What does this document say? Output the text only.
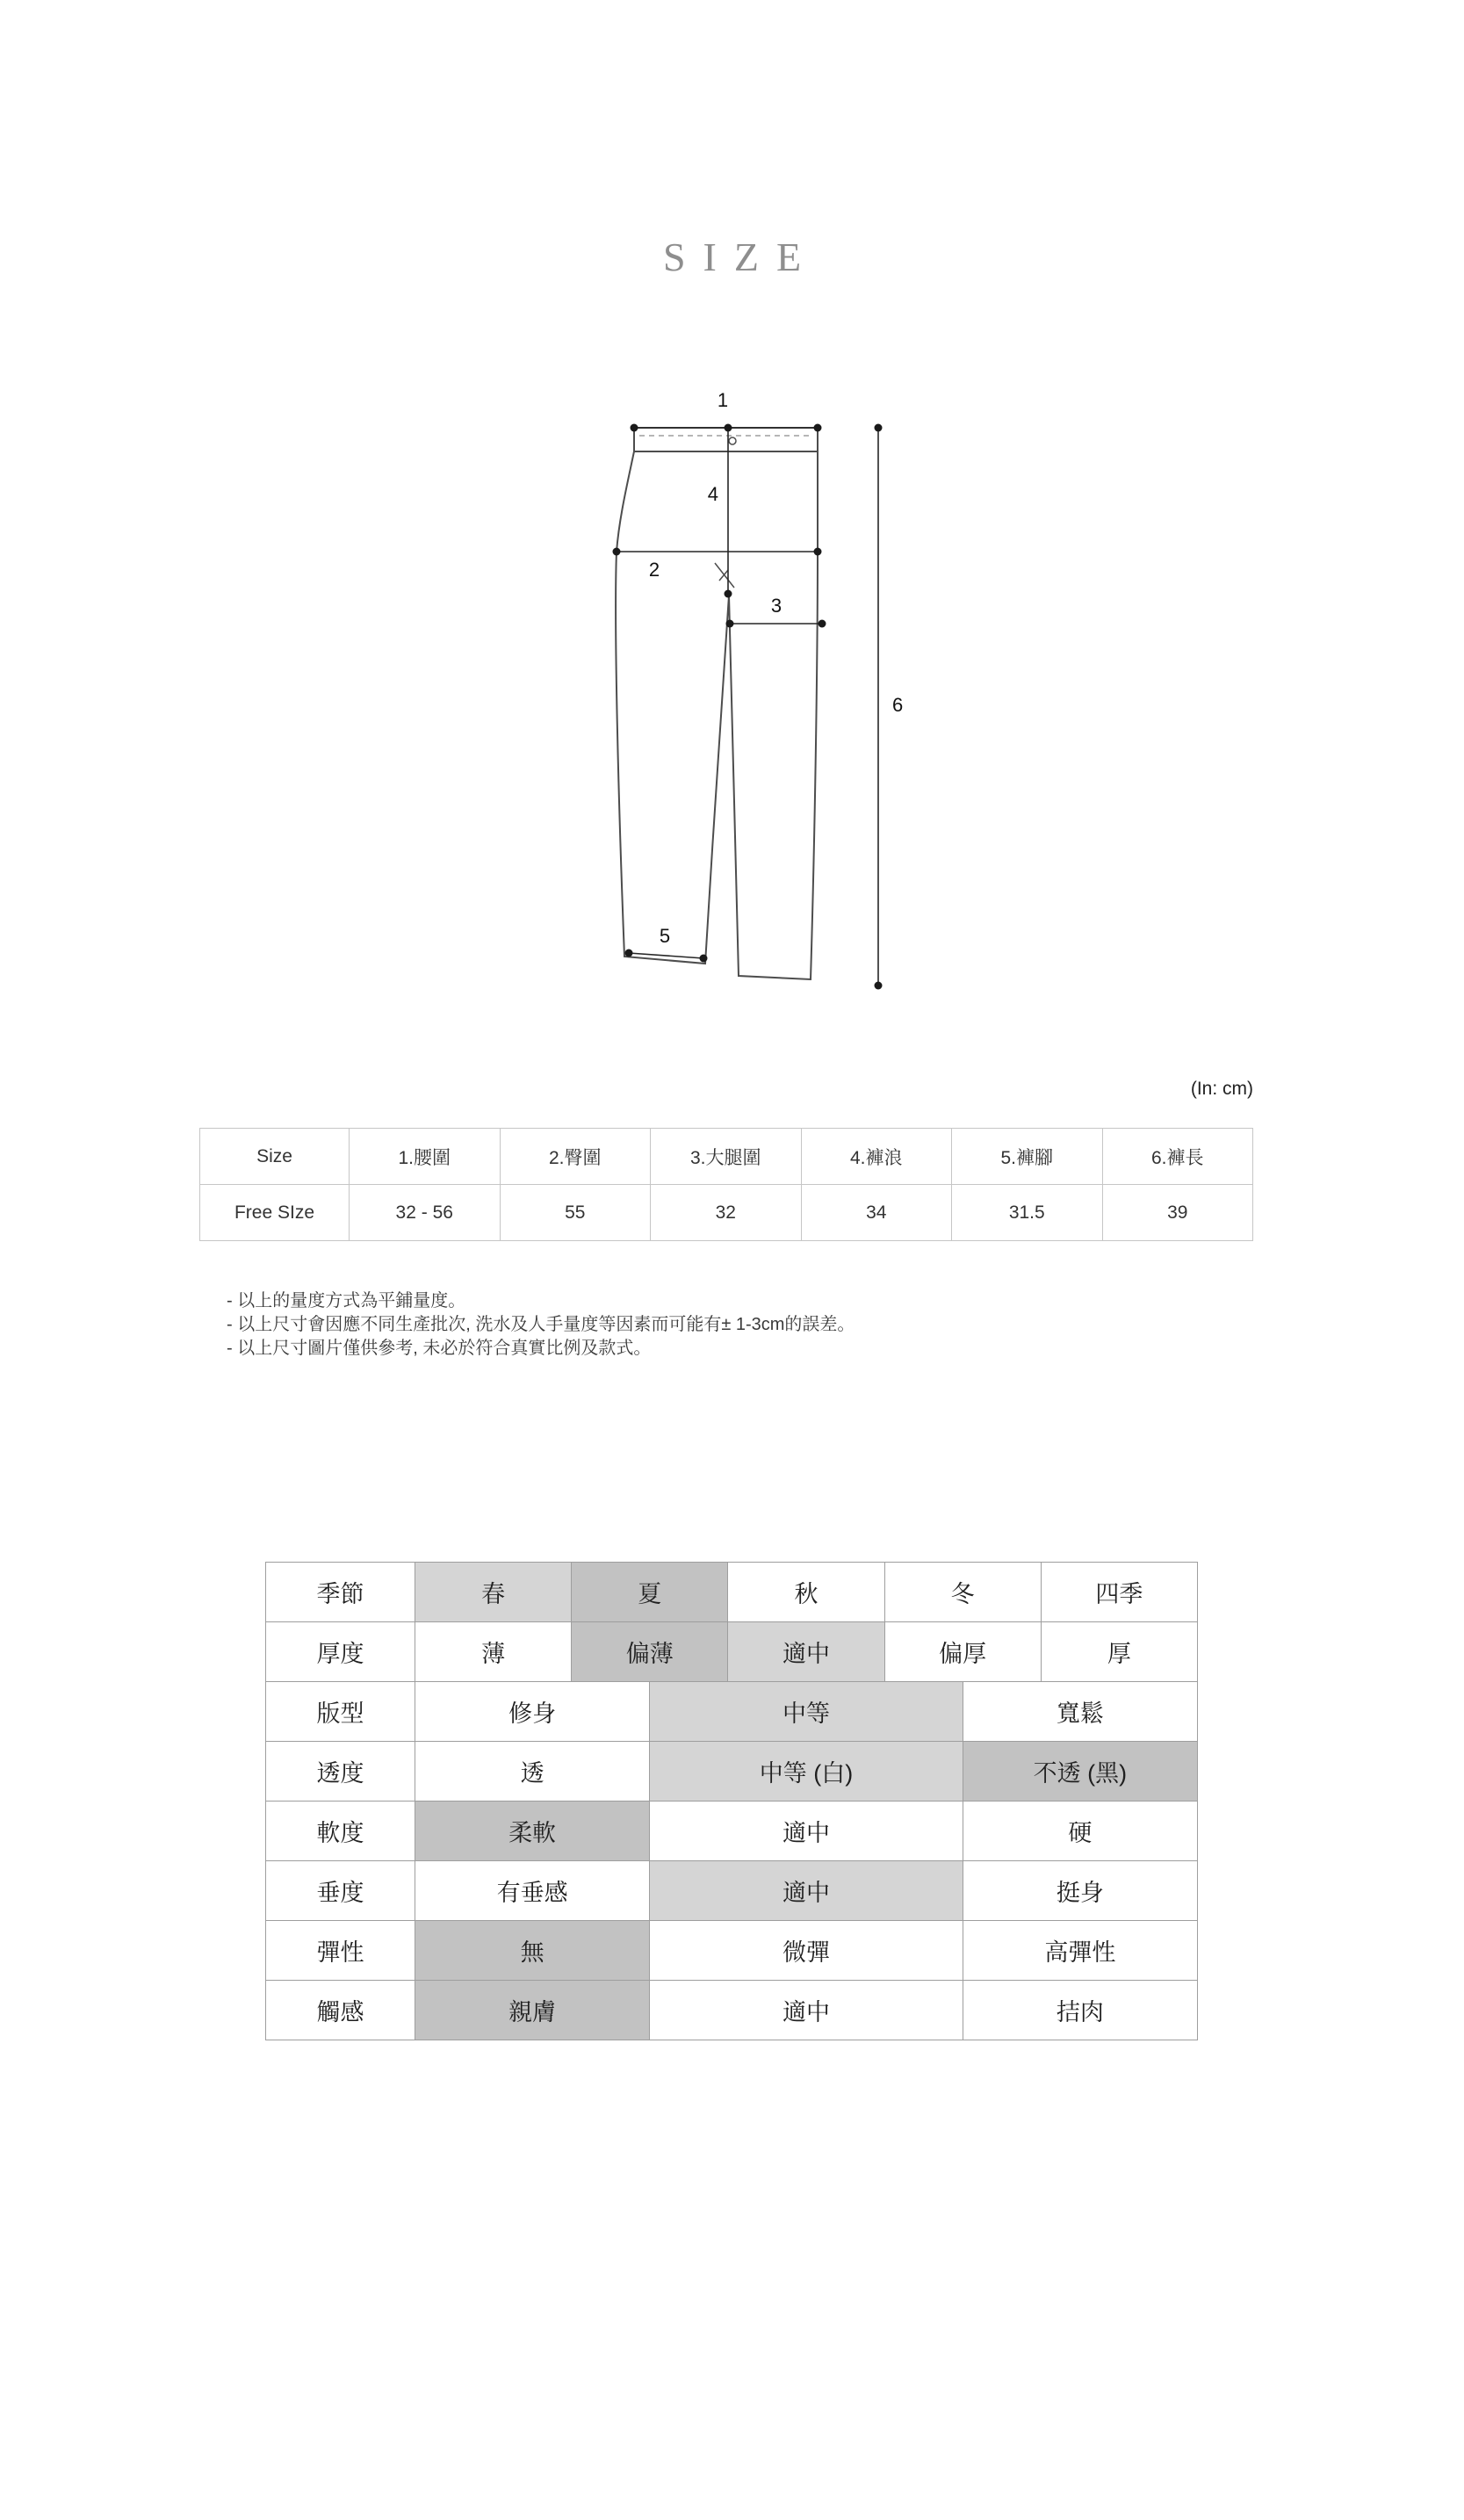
SIZE
1
2
3
4
5
6
(In: cm)
Size	1.腰圍	2.臀圍	3.大腿圍	4.褲浪	5.褲腳	6.褲長
Free SIze	32 - 56	55	32	34	31.5	39
- 以上的量度方式為平鋪量度。
- 以上尺寸會因應不同生產批次, 洗水及人手量度等因素而可能有± 1-3cm的誤差。
- 以上尺寸圖片僅供參考, 未必於符合真實比例及款式。
季節	春	夏		秋	冬		四季
厚度	薄	偏薄		適中	偏厚		厚
版型	修身		中等			寬鬆	
透度	透		中等 (白)			不透 (黑)	
軟度	柔軟		適中			硬	
垂度	有垂感		適中			挺身	
彈性	無		微彈			高彈性	
觸感	親膚		適中			拮肉	
